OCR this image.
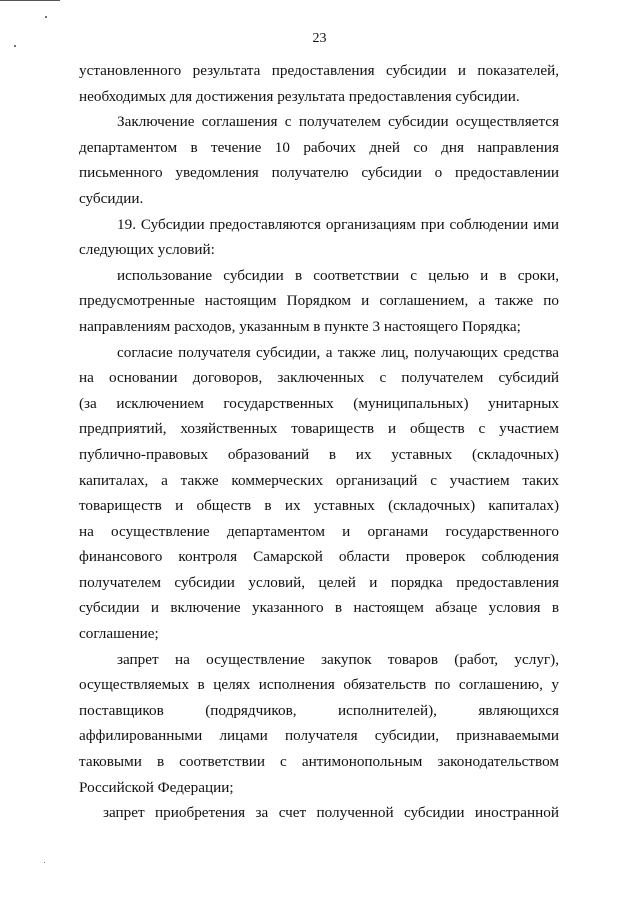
23

установленного результата предоставления субсидии и показателей,

необходимых для достижения результата предоставления субсидии.

Заключение соглашения с получателем субсидии осуществляется

департаментом в течение 10 рабочих дней со дня направления

письменного уведомления получателю субсидии о предоставлении

субсидии.

19. Субсидии предоставляются организациям при соблюдении ими

следующих условий:

использование субсидии в соответствии с целью и в сроки,

предусмотренные настоящим Порядком и соглашением, а также по

направлениям расходов, указанным в пункте 3 настоящего Порядка;

согласие получателя субсидии, а также лиц, получающих средства

на основании договоров, заключенных с получателем субсидий

(за исключением государственных (муниципальных) унитарных

предприятий, хозяйственных товариществ и обществ с участием

публично-правовых образований в их уставных (складочных)

капиталах, а также коммерческих организаций с участием таких

товариществ и обществ в их уставных (складочных) капиталах)

на осуществление департаментом и органами государственного

финансового контроля Самарской области проверок соблюдения

получателем субсидии условий, целей и порядка предоставления

субсидии и включение указанного в настоящем абзаце условия в

соглашение;

запрет на осуществление закупок товаров (работ, услуг),

осуществляемых в целях исполнения обязательств по соглашению, у

поставщиков (подрядчиков, исполнителей), являющихся

аффилированными лицами получателя субсидии, признаваемыми

таковыми в соответствии с антимонопольным законодательством

Российской Федерации;

запрет приобретения за счет полученной субсидии иностранной
